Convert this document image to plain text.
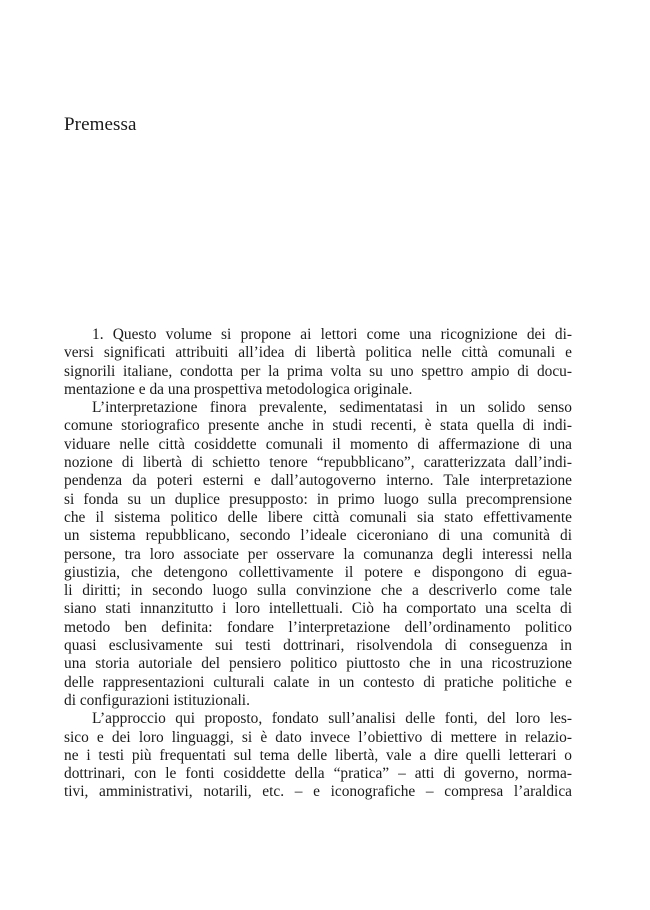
Premessa
1. Questo volume si propone ai lettori come una ricognizione dei di-
versi significati attribuiti all’idea di libertà politica nelle città comunali e
signorili italiane, condotta per la prima volta su uno spettro ampio di docu-
mentazione e da una prospettiva metodologica originale.
L’interpretazione finora prevalente, sedimentatasi in un solido senso
comune storiografico presente anche in studi recenti, è stata quella di indi-
viduare nelle città cosiddette comunali il momento di affermazione di una
nozione di libertà di schietto tenore “repubblicano”, caratterizzata dall’indi-
pendenza da poteri esterni e dall’autogoverno interno. Tale interpretazione
si fonda su un duplice presupposto: in primo luogo sulla precomprensione
che il sistema politico delle libere città comunali sia stato effettivamente
un sistema repubblicano, secondo l’ideale ciceroniano di una comunità di
persone, tra loro associate per osservare la comunanza degli interessi nella
giustizia, che detengono collettivamente il potere e dispongono di egua-
li diritti; in secondo luogo sulla convinzione che a descriverlo come tale
siano stati innanzitutto i loro intellettuali. Ciò ha comportato una scelta di
metodo ben definita: fondare l’interpretazione dell’ordinamento politico
quasi esclusivamente sui testi dottrinari, risolvendola di conseguenza in
una storia autoriale del pensiero politico piuttosto che in una ricostruzione
delle rappresentazioni culturali calate in un contesto di pratiche politiche e
di configurazioni istituzionali.
L’approccio qui proposto, fondato sull’analisi delle fonti, del loro les-
sico e dei loro linguaggi, si è dato invece l’obiettivo di mettere in relazio-
ne i testi più frequentati sul tema delle libertà, vale a dire quelli letterari o
dottrinari, con le fonti cosiddette della “pratica” – atti di governo, norma-
tivi, amministrativi, notarili, etc. – e iconografiche – compresa l’araldica
